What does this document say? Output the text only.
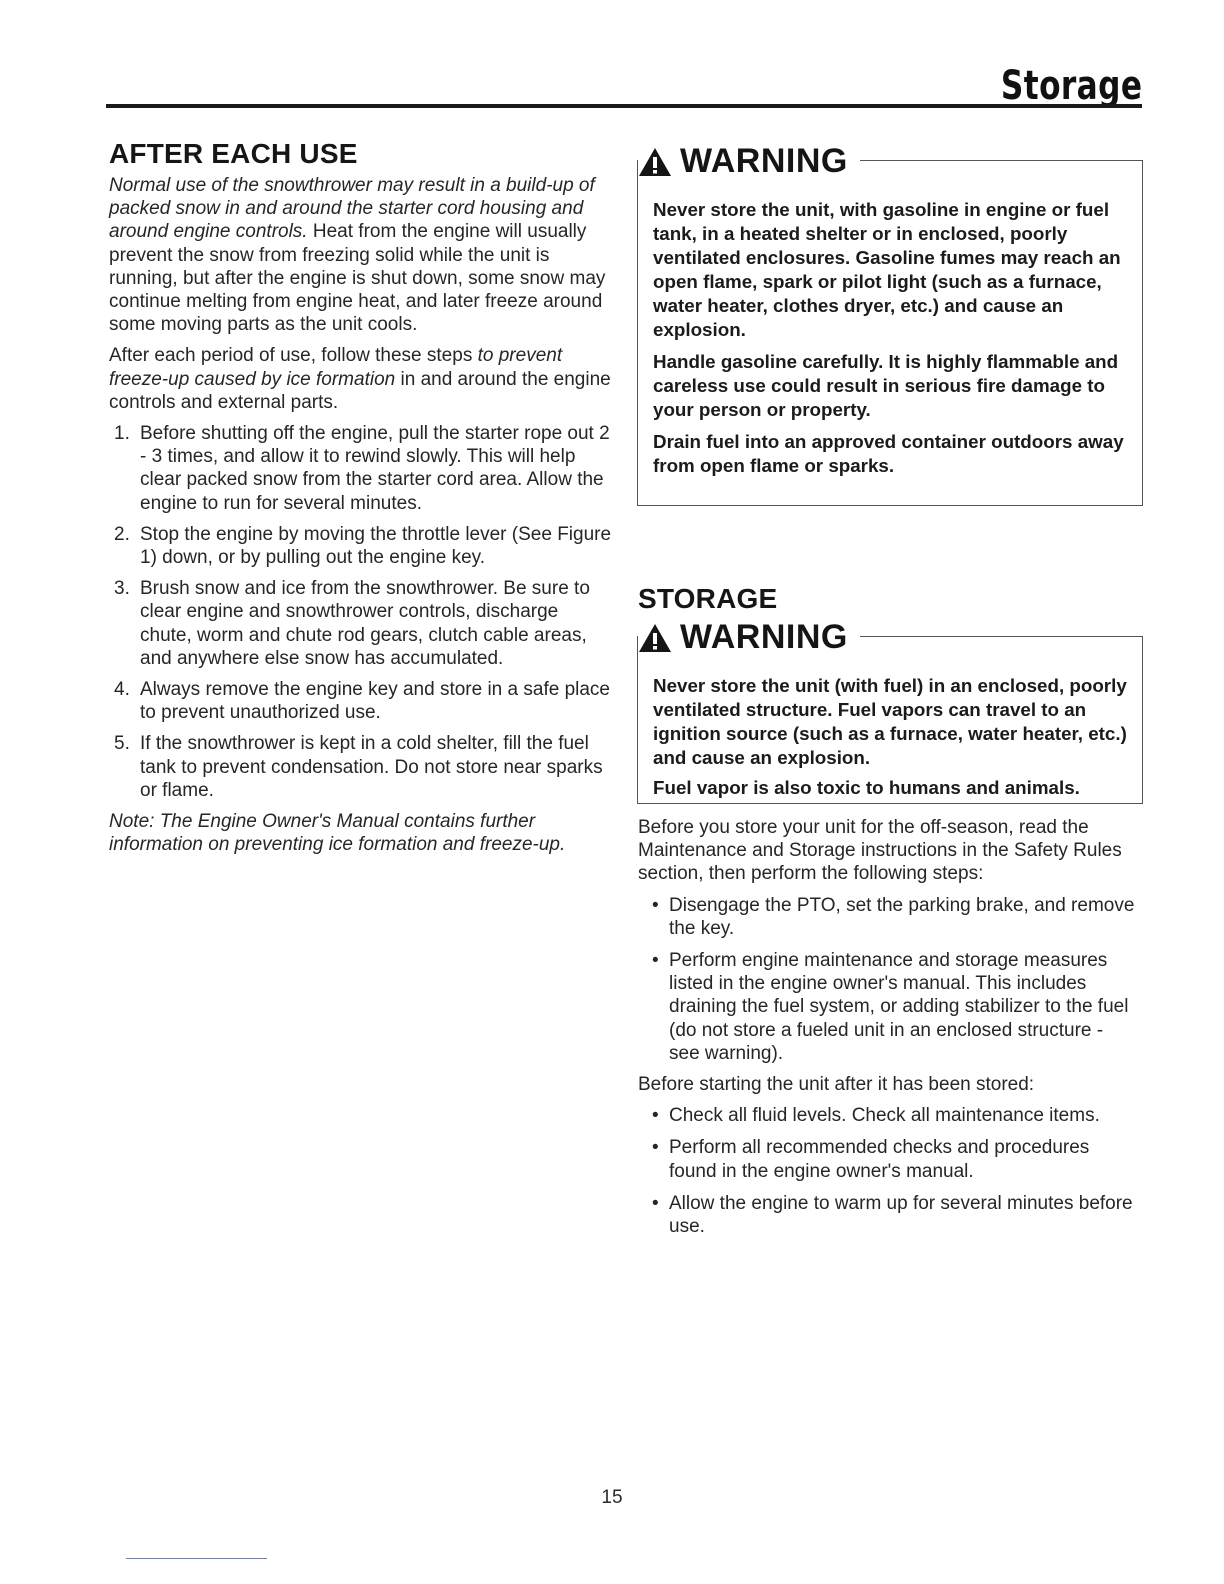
Storage
AFTER EACH USE

Normal use of the snowthrower may result in a build-up of packed snow in and around the starter cord housing and around engine controls. Heat from the engine will usually prevent the snow from freezing solid while the unit is running, but after the engine is shut down, some snow may continue melting from engine heat, and later freeze around some moving parts as the unit cools.

After each period of use, follow these steps to prevent freeze-up caused by ice formation in and around the engine controls and external parts.

1. Before shutting off the engine, pull the starter rope out 2 - 3 times, and allow it to rewind slowly. This will help clear packed snow from the starter cord area. Allow the engine to run for several minutes.
2. Stop the engine by moving the throttle lever (See Figure 1) down, or by pulling out the engine key.
3. Brush snow and ice from the snowthrower. Be sure to clear engine and snowthrower controls, discharge chute, worm and chute rod gears, clutch cable areas, and anywhere else snow has accumulated.
4. Always remove the engine key and store in a safe place to prevent unauthorized use.
5. If the snowthrower is kept in a cold shelter, fill the fuel tank to prevent condensation. Do not store near sparks or flame.

Note: The Engine Owner's Manual contains further information on preventing ice formation and freeze-up.

WARNING

Never store the unit, with gasoline in engine or fuel tank, in a heated shelter or in enclosed, poorly ventilated enclosures. Gasoline fumes may reach an open flame, spark or pilot light (such as a furnace, water heater, clothes dryer, etc.) and cause an explosion.

Handle gasoline carefully. It is highly flammable and careless use could result in serious fire damage to your person or property.

Drain fuel into an approved container outdoors away from open flame or sparks.

STORAGE
WARNING

Never store the unit (with fuel) in an enclosed, poorly ventilated structure. Fuel vapors can travel to an ignition source (such as a furnace, water heater, etc.) and cause an explosion.

Fuel vapor is also toxic to humans and animals.

Before you store your unit for the off-season, read the Maintenance and Storage instructions in the Safety Rules section, then perform the following steps:

• Disengage the PTO, set the parking brake, and remove the key.
• Perform engine maintenance and storage measures listed in the engine owner's manual. This includes draining the fuel system, or adding stabilizer to the fuel (do not store a fueled unit in an enclosed structure - see warning).

Before starting the unit after it has been stored:

• Check all fluid levels. Check all maintenance items.
• Perform all recommended checks and procedures found in the engine owner's manual.
• Allow the engine to warm up for several minutes before use.
15
